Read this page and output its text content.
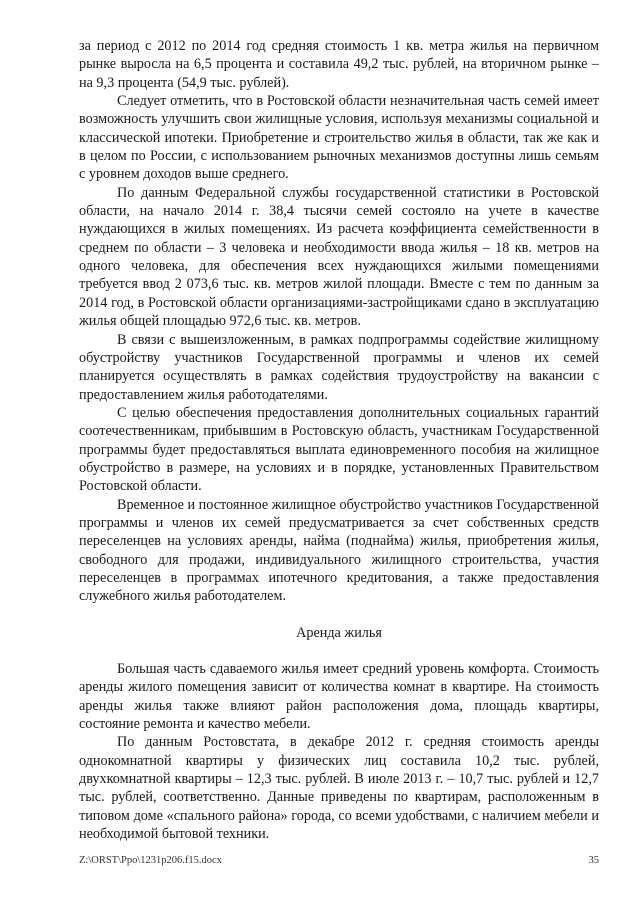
за период с 2012 по 2014 год средняя стоимость 1 кв. метра жилья на первичном рынке выросла на 6,5 процента и составила 49,2 тыс. рублей, на вторичном рынке – на 9,3 процента (54,9 тыс. рублей).

Следует отметить, что в Ростовской области незначительная часть семей имеет возможность улучшить свои жилищные условия, используя механизмы социальной и классической ипотеки. Приобретение и строительство жилья в области, так же как и в целом по России, с использованием рыночных механизмов доступны лишь семьям с уровнем доходов выше среднего.

По данным Федеральной службы государственной статистики в Ростовской области, на начало 2014 г. 38,4 тысячи семей состояло на учете в качестве нуждающихся в жилых помещениях. Из расчета коэффициента семейственности в среднем по области – 3 человека и необходимости ввода жилья – 18 кв. метров на одного человека, для обеспечения всех нуждающихся жилыми помещениями требуется ввод 2 073,6 тыс. кв. метров жилой площади. Вместе с тем по данным за 2014 год, в Ростовской области организациями-застройщиками сдано в эксплуатацию жилья общей площадью 972,6 тыс. кв. метров.

В связи с вышеизложенным, в рамках подпрограммы содействие жилищному обустройству участников Государственной программы и членов их семей планируется осуществлять в рамках содействия трудоустройству на вакансии с предоставлением жилья работодателями.

С целью обеспечения предоставления дополнительных социальных гарантий соотечественникам, прибывшим в Ростовскую область, участникам Государственной программы будет предоставляться выплата единовременного пособия на жилищное обустройство в размере, на условиях и в порядке, установленных Правительством Ростовской области.

Временное и постоянное жилищное обустройство участников Государственной программы и членов их семей предусматривается за счет собственных средств переселенцев на условиях аренды, найма (поднайма) жилья, приобретения жилья, свободного для продажи, индивидуального жилищного строительства, участия переселенцев в программах ипотечного кредитования, а также предоставления служебного жилья работодателем.

Аренда жилья

Большая часть сдаваемого жилья имеет средний уровень комфорта. Стоимость аренды жилого помещения зависит от количества комнат в квартире. На стоимость аренды жилья также влияют район расположения дома, площадь квартиры, состояние ремонта и качество мебели.

По данным Ростовстата, в декабре 2012 г. средняя стоимость аренды однокомнатной квартиры у физических лиц составила 10,2 тыс. рублей, двухкомнатной квартиры – 12,3 тыс. рублей. В июле 2013 г. – 10,7 тыс. рублей и 12,7 тыс. рублей, соответственно. Данные приведены по квартирам, расположенным в типовом доме «спального района» города, со всеми удобствами, с наличием мебели и необходимой бытовой техники.

Z:\ORST\Ppo\1231p206.f15.docx	35
